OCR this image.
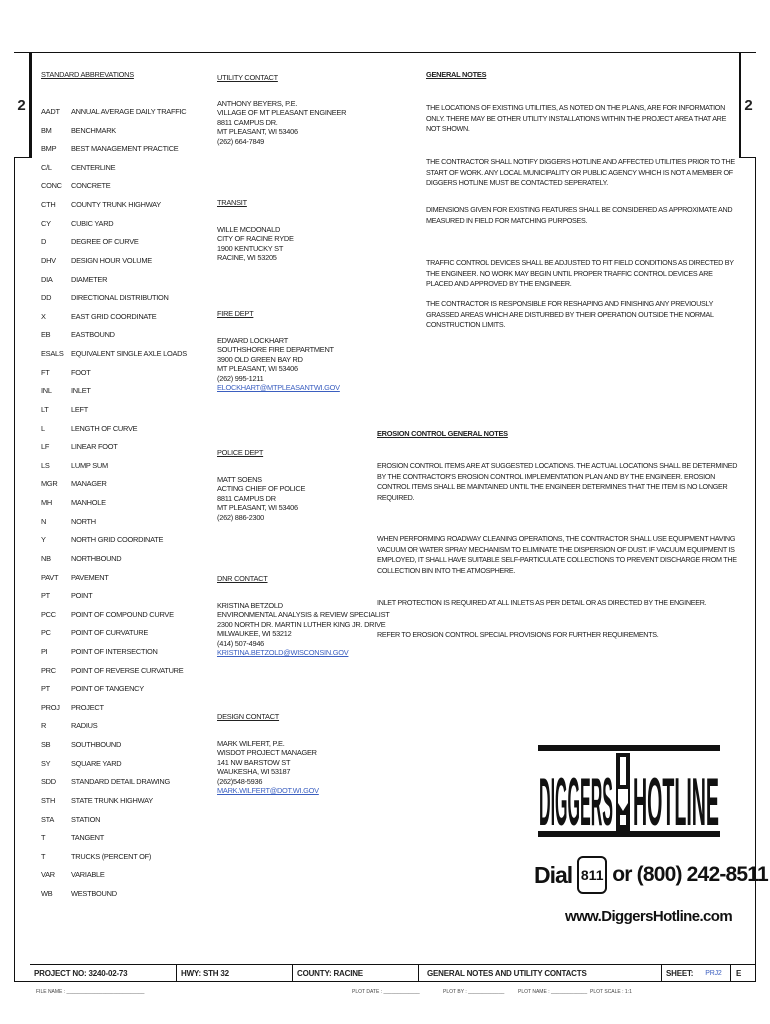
2	2
STANDARD ABBREVATIONS
AADT ANNUAL AVERAGE DAILY TRAFFIC
BM	BENCHMARK
BMP BEST MANAGEMENT PRACTICE
C/L	CENTERLINE
CONC CONCRETE
CTH COUNTY TRUNK HIGHWAY
CY	CUBIC YARD
D	DEGREE OF CURVE
DHV DESIGN HOUR VOLUME
DIA DIAMETER
DD	DIRECTIONAL DISTRIBUTION
X	EAST GRID COORDINATE
EB	EASTBOUND
ESALS EQUIVALENT SINGLE AXLE LOADS
FT	FOOT
INL	INLET
LT	LEFT
L	LENGTH OF CURVE
LF	LINEAR FOOT
LS	LUMP SUM
MGR MANAGER
MH	MANHOLE
N	NORTH
Y	NORTH GRID COORDINATE
NB	NORTHBOUND
PAVT PAVEMENT
PT	POINT
PCC POINT OF COMPOUND CURVE
PC	POINT OF CURVATURE
PI	POINT OF INTERSECTION
PRC POINT OF REVERSE CURVATURE
PT	POINT OF TANGENCY
PROJ PROJECT
R	RADIUS
SB	SOUTHBOUND
SY	SQUARE YARD
SDD STANDARD DETAIL DRAWING
STH STATE TRUNK HIGHWAY
STA STATION
T	TANGENT
T	TRUCKS (PERCENT OF)
VAR VARIABLE
WB	WESTBOUND
UTILITY CONTACT
ANTHONY BEYERS, P.E.
VILLAGE OF MT PLEASANT ENGINEER
8811 CAMPUS DR.
MT PLEASANT, WI 53406
(262) 664-7849
TRANSIT
WILLE MCDONALD
CITY OF RACINE RYDE
1900 KENTUCKY ST
RACINE, WI 53205
FIRE DEPT
EDWARD LOCKHART
SOUTHSHORE FIRE DEPARTMENT
3900 OLD GREEN BAY RD
MT PLEASANT, WI 53406
(262) 995-1211
ELOCKHART@MTPLEASANTWI.GOV
POLICE DEPT
MATT SOENS
ACTING CHIEF OF POLICE
8811 CAMPUS DR
MT PLEASANT, WI 53406
(262) 886-2300
DNR CONTACT
KRISTINA BETZOLD
ENVIRONMENTAL ANALYSIS & REVIEW SPECIALIST
2300 NORTH DR. MARTIN LUTHER KING JR. DRIVE
MILWAUKEE, WI 53212
(414) 507-4946
KRISTINA.BETZOLD@WISCONSIN.GOV
DESIGN CONTACT
MARK WILFERT, P.E.
WISDOT PROJECT MANAGER
141 NW BARSTOW ST
WAUKESHA, WI 53187
(262)548-5936
MARK.WILFERT@DOT.WI.GOV
GENERAL NOTES
THE LOCATIONS OF EXISTING UTILITIES, AS NOTED ON THE PLANS, ARE FOR INFORMATION ONLY. THERE MAY BE OTHER UTILITY INSTALLATIONS WITHIN THE PROJECT AREA THAT ARE NOT SHOWN.
THE CONTRACTOR SHALL NOTIFY DIGGERS HOTLINE AND AFFECTED UTILITIES PRIOR TO THE START OF WORK. ANY LOCAL MUNICIPALITY OR PUBLIC AGENCY WHICH IS NOT A MEMBER OF DIGGERS HOTLINE MUST BE CONTACTED SEPERATELY.
DIMENSIONS GIVEN FOR EXISTING FEATURES SHALL BE CONSIDERED AS APPROXIMATE AND MEASURED IN FIELD FOR MATCHING PURPOSES.
TRAFFIC CONTROL DEVICES SHALL BE ADJUSTED TO FIT FIELD CONDITIONS AS DIRECTED BY THE ENGINEER. NO WORK MAY BEGIN UNTIL PROPER TRAFFIC CONTROL DEVICES ARE PLACED AND APPROVED BY THE ENGINEER.
THE CONTRACTOR IS RESPONSIBLE FOR RESHAPING AND FINISHING ANY PREVIOUSLY GRASSED AREAS WHICH ARE DISTURBED BY THEIR OPERATION OUTSIDE THE NORMAL CONSTRUCTION LIMITS.
EROSION CONTROL GENERAL NOTES
EROSION CONTROL ITEMS ARE AT SUGGESTED LOCATIONS. THE ACTUAL LOCATIONS SHALL BE DETERMINED BY THE CONTRACTOR'S EROSION CONTROL IMPLEMENTATION PLAN AND BY THE ENGINEER. EROSION CONTROL ITEMS SHALL BE MAINTAINED UNTIL THE ENGINEER DETERMINES THAT THE ITEM IS NO LONGER REQUIRED.
WHEN PERFORMING ROADWAY CLEANING OPERATIONS, THE CONTRACTOR SHALL USE EQUIPMENT HAVING VACUUM OR WATER SPRAY MECHANISM TO ELIMINATE THE DISPERSION OF DUST. IF VACUUM EQUIPMENT IS EMPLOYED, IT SHALL HAVE SUITABLE SELF-PARTICULATE COLLECTIONS TO PREVENT DISCHARGE FROM THE COLLECTION BIN INTO THE ATMOSPHERE.
INLET PROTECTION IS REQUIRED AT ALL INLETS AS PER DETAIL OR AS DIRECTED BY THE ENGINEER.
REFER TO EROSION CONTROL SPECIAL PROVISIONS FOR FURTHER REQUIREMENTS.
DIGGERS HOTLINE
Dial 811 or (800) 242-8511
www.DiggersHotline.com
PROJECT NO: 3240-02-73	HWY: STH 32	COUNTY: RACINE	GENERAL NOTES AND UTILITY CONTACTS	SHEET: PRJ2	E
FILE NAME : ____________________________	PLOT DATE : _____________	PLOT BY : _____________	PLOT NAME : _____________ PLOT SCALE : 1:1
